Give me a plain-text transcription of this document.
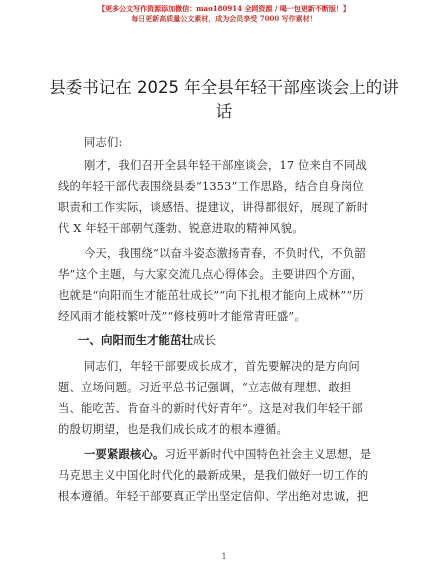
【更多公文写作资源添加微信：mao180914 全网资源 / 喝一包更新不断版！】
每日更新高质量公文素材，成为会员享受 7000 写作素材！
县委书记在 2025 年全县年轻干部座谈会上的讲
话
同志们:
刚才，我们召开全县年轻干部座谈会，17 位来自不同战
线的年轻干部代表围绕县委“1353”工作思路，结合自身岗位
职责和工作实际，谈感悟、提建议，讲得都很好，展现了新时
代 X 年轻干部朝气蓬勃、锐意进取的精神风貌。
今天，我围绕“以奋斗姿态激扬青春，不负时代，不负韶
华”这个主题，与大家交流几点心得体会。主要讲四个方面，
也就是“向阳而生才能茁壮成长”“向下扎根才能向上成林”“历
经风雨才能枝繁叶茂”“修枝剪叶才能常青旺盛”。
一、向阳而生才能茁壮成长
同志们，年轻干部要成长成才，首先要解决的是方向问
题、立场问题。习近平总书记强调，“立志做有理想、敢担
当、能吃苦、肯奋斗的新时代好青年”。这是对我们年轻干部
的殷切期望，也是我们成长成才的根本遵循。
一要紧跟核心。习近平新时代中国特色社会主义思想，是
马克思主义中国化时代化的最新成果，是我们做好一切工作的
根本遵循。年轻干部要真正学出坚定信仰、学出绝对忠诚，把
1
